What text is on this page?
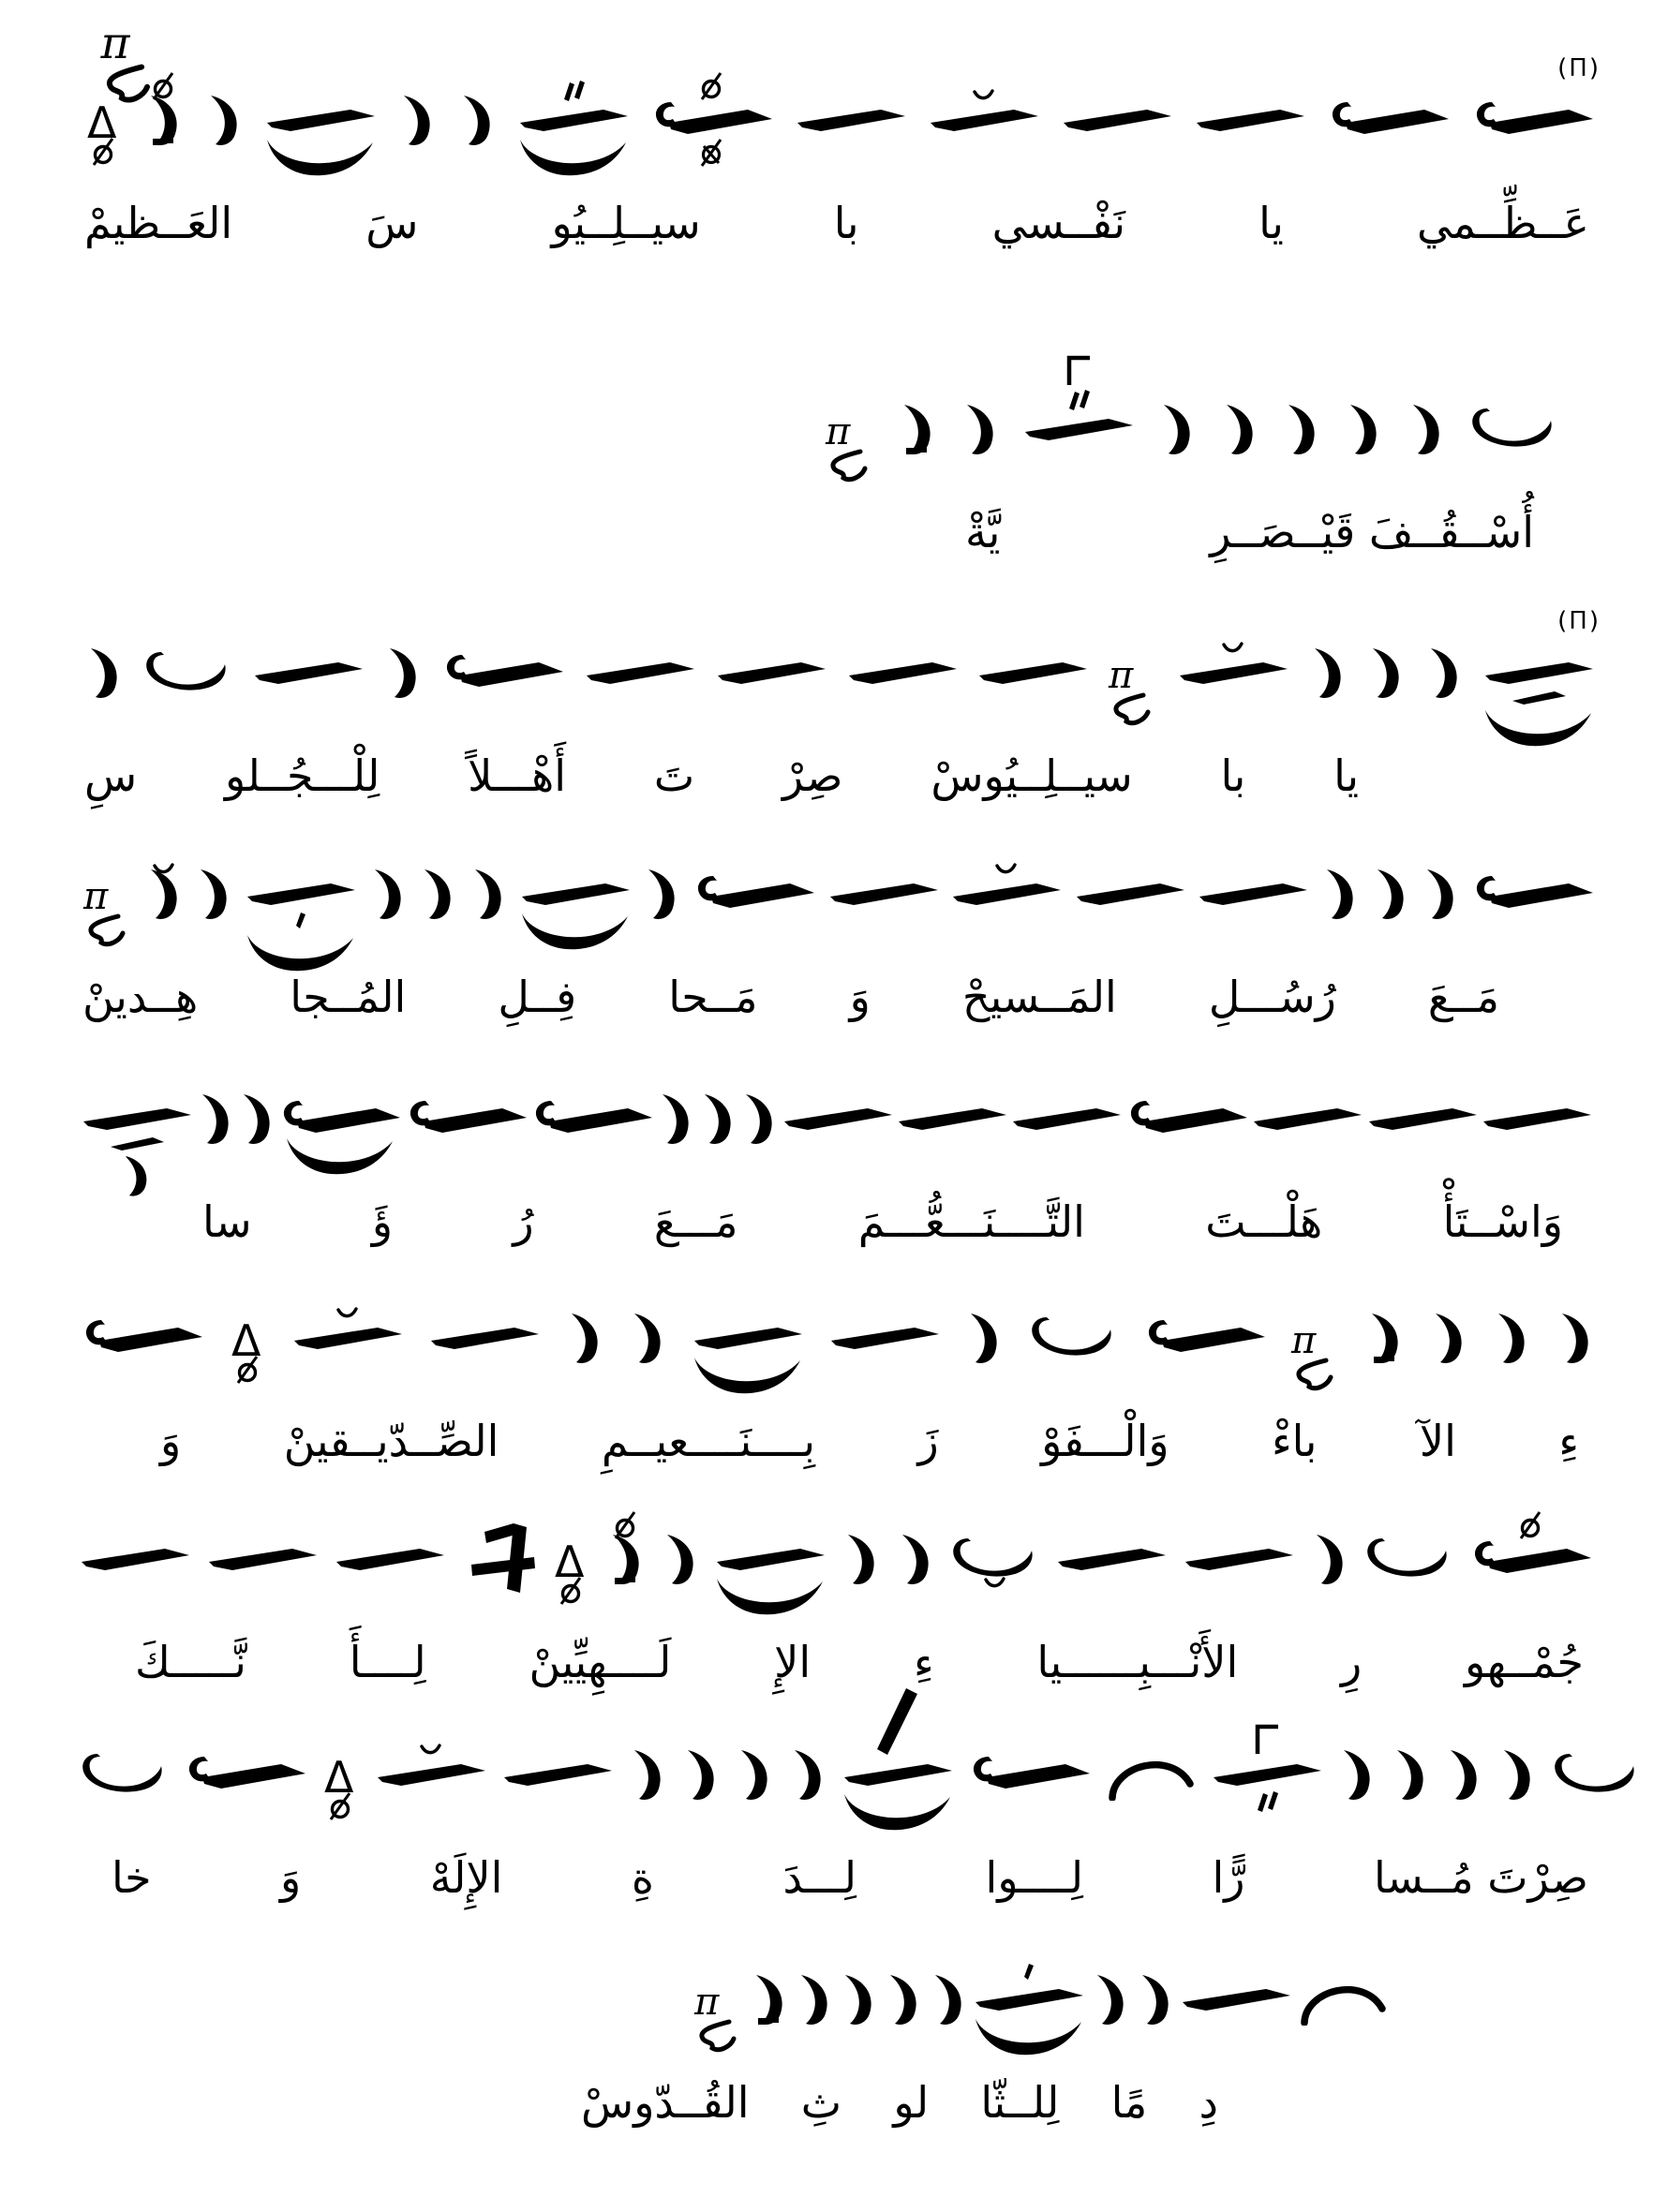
(Π)
عَــظِّــمي
يا
نَفْــسي
با
سيــلِــيُو
سَ
العَــظيمْ
أُسْــقُــفَ قَيْــصَــرِ
يَّةْ
(Π)
يا
با
سيــلِــيُوسْ
صِرْ
تَ
أَهْـــلاً
لِلْـــجُــلو
سِ
مَــعَ
رُسُـــلِ
المَــسيحْ
وَ
مَــحا
فِــلِ
المُــجا
هِــدينْ
وَاسْــتَأْ
هَلْـــتَ
التَّــــنَـــعُّـــمَ
مَـــعَ
رُ
ؤَ
سا
ءِ
الآ
باءْ
وَالْـــفَوْ
زَ
بِــــنَــــعيــمِ
الصِّــدّيــقينْ
وَ
جُمْــهو
رِ
الأَنْـــبِــــــيا
ءِ
الإِ
لَــــهِيِّينْ
لِــــأَ
نَّـــــكَ
صِرْتَ مُــسا
رًّا
لِــــوا
لِـــدَ
ةِ
الإِلَهْ
وَ
خا
دِ
مًا
لِلــثّا
لو
ثِ
القُــدّوسْ
